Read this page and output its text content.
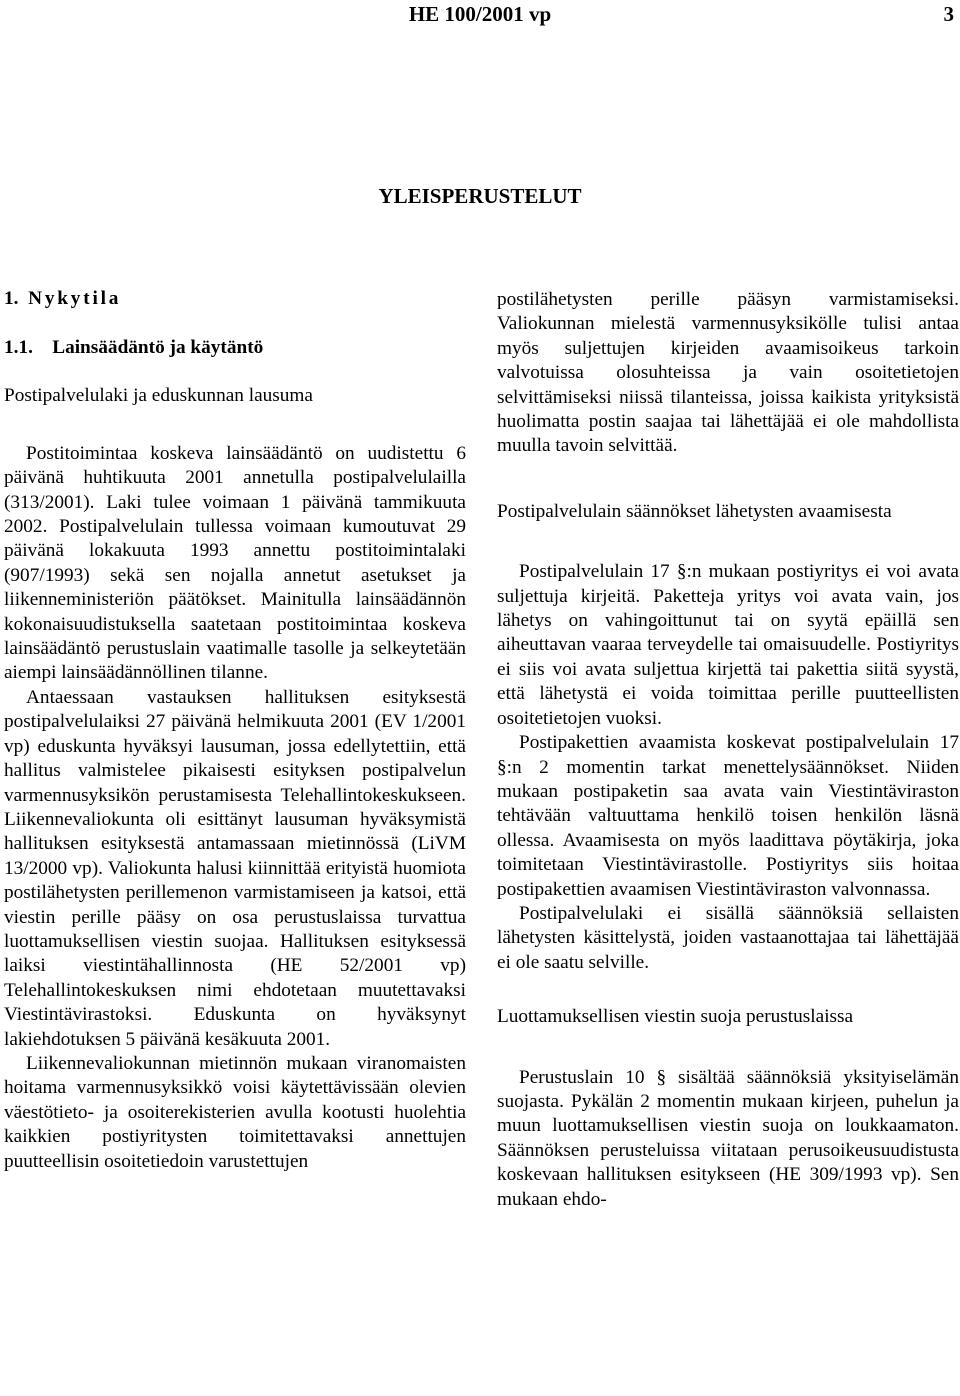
HE 100/2001 vp	3
YLEISPERUSTELUT
1. Nykytila

1.1. Lainsäädäntö ja käytäntö

Postipalvelulaki ja eduskunnan lausuma

Postitoimintaa koskeva lainsäädäntö on uudistettu 6 päivänä huhtikuuta 2001 annetulla postipalvelulailla (313/2001). Laki tulee voimaan 1 päivänä tammikuuta 2002. Postipalvelulain tullessa voimaan kumoutuvat 29 päivänä lokakuuta 1993 annettu postitoimintalaki (907/1993) sekä sen nojalla annetut asetukset ja liikenneministeriön päätökset. Mainitulla lainsäädännön kokonaisuudistuksella saatetaan postitoimintaa koskeva lainsäädäntö perustuslain vaatimalle tasolle ja selkeytetään aiempi lainsäädännöllinen tilanne.

Antaessaan vastauksen hallituksen esityksestä postipalvelulaiksi 27 päivänä helmikuuta 2001 (EV 1/2001 vp) eduskunta hyväksyi lausuman, jossa edellytettiin, että hallitus valmistelee pikaisesti esityksen postipalvelun varmennusyksikön perustamisesta Telehallintokeskukseen. Liikennevaliokunta oli esittänyt lausuman hyväksymistä hallituksen esityksestä antamassaan mietinnössä (LiVM 13/2000 vp). Valiokunta halusi kiinnittää erityistä huomiota postilähetysten perillemenon varmistamiseen ja katsoi, että viestin perille pääsy on osa perustuslaissa turvattua luottamuksellisen viestin suojaa. Hallituksen esityksessä laiksi viestintähallinnosta (HE 52/2001 vp) Telehallintokeskuksen nimi ehdotetaan muutettavaksi Viestintävirastoksi. Eduskunta on hyväksynyt lakiehdotuksen 5 päivänä kesäkuuta 2001.

Liikennevaliokunnan mietinnön mukaan viranomaisten hoitama varmennusyksikkö voisi käytettävissään olevien väestötieto- ja osoiterekisterien avulla kootusti huolehtia kaikkien postiyritysten toimitettavaksi annettujen puutteellisin osoitetiedoin varustettujen

postilähetysten perille pääsyn varmistamiseksi. Valiokunnan mielestä varmennusyksikölle tulisi antaa myös suljettujen kirjeiden avaamisoikeus tarkoin valvotuissa olosuhteissa ja vain osoitetietojen selvittämiseksi niissä tilanteissa, joissa kaikista yrityksistä huolimatta postin saajaa tai lähettäjää ei ole mahdollista muulla tavoin selvittää.

Postipalvelulain säännökset lähetysten avaamisesta

Postipalvelulain 17 §:n mukaan postiyritys ei voi avata suljettuja kirjeitä. Paketteja yritys voi avata vain, jos lähetys on vahingoittunut tai on syytä epäillä sen aiheuttavan vaaraa terveydelle tai omaisuudelle. Postiyritys ei siis voi avata suljettua kirjettä tai pakettia siitä syystä, että lähetystä ei voida toimittaa perille puutteellisten osoitetietojen vuoksi.

Postipakettien avaamista koskevat postipalvelulain 17 §:n 2 momentin tarkat menettelysäännökset. Niiden mukaan postipaketin saa avata vain Viestintäviraston tehtävään valtuuttama henkilö toisen henkilön läsnä ollessa. Avaamisesta on myös laadittava pöytäkirja, joka toimitetaan Viestintävirastolle. Postiyritys siis hoitaa postipakettien avaamisen Viestintäviraston valvonnassa.

Postipalvelulaki ei sisällä säännöksiä sellaisten lähetysten käsittelystä, joiden vastaanottajaa tai lähettäjää ei ole saatu selville.

Luottamuksellisen viestin suoja perustuslaissa

Perustuslain 10 § sisältää säännöksiä yksityiselämän suojasta. Pykälän 2 momentin mukaan kirjeen, puhelun ja muun luottamuksellisen viestin suoja on loukkaamaton. Säännöksen perusteluissa viitataan perusoikeusuudistusta koskevaan hallituksen esitykseen (HE 309/1993 vp). Sen mukaan ehdo-
